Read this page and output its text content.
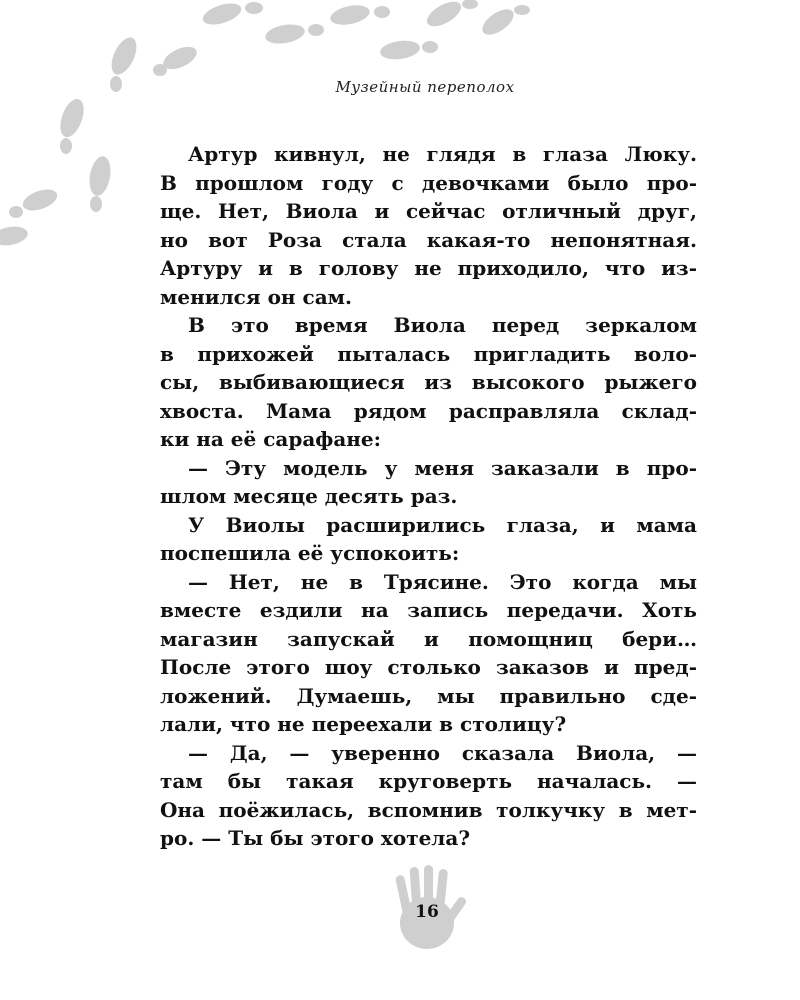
Музейный переполох
Артур кивнул, не глядя в глаза Люку.
В прошлом году с девочками было про-
ще. Нет, Виола и сейчас отличный друг,
но вот Роза стала какая-то непонятная.
Артуру и в голову не приходило, что из-
менился он сам.
В это время Виола перед зеркалом
в прихожей пыталась пригладить воло-
сы, выбивающиеся из высокого рыжего
хвоста. Мама рядом расправляла склад-
ки на её сарафане:
— Эту модель у меня заказали в про-
шлом месяце десять раз.
У Виолы расширились глаза, и мама
поспешила её успокоить:
— Нет, не в Трясине. Это когда мы
вместе ездили на запись передачи. Хоть
магазин запускай и помощниц бери…
После этого шоу столько заказов и пред-
ложений. Думаешь, мы правильно сде-
лали, что не переехали в столицу?
— Да, — уверенно сказала Виола, —
там бы такая круговерть началась. —
Она поёжилась, вспомнив толкучку в мет-
ро. — Ты бы этого хотела?
16
